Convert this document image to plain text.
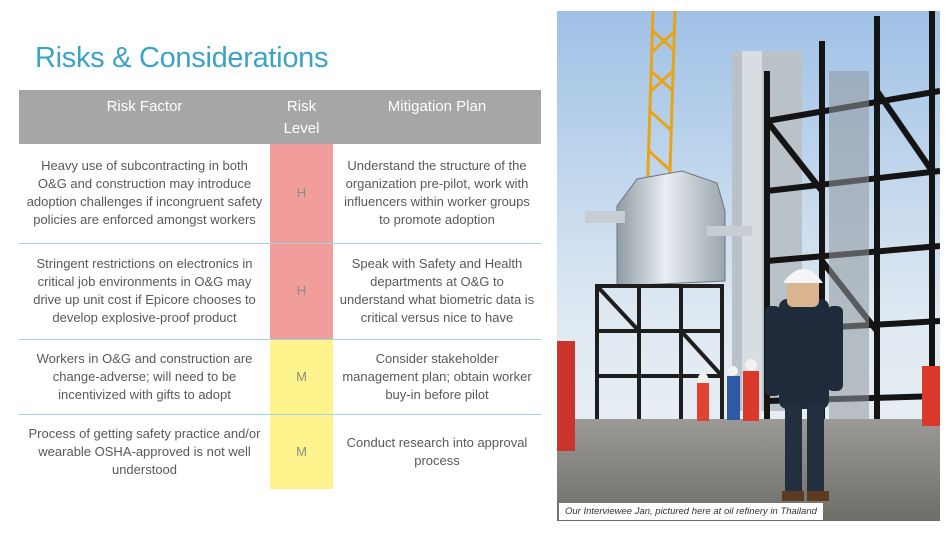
Risks & Considerations
Risk Factor	Risk Level	Mitigation Plan
Heavy use of subcontracting in both O&G and construction may introduce adoption challenges if incongruent safety policies are enforced amongst workers	H	Understand the structure of the organization pre-pilot, work with influencers within worker groups to promote adoption
Stringent restrictions on electronics in critical job environments in O&G may drive up unit cost if Epicore chooses to develop explosive-proof product	H	Speak with Safety and Health departments at O&G to understand what biometric data is critical versus nice to have
Workers in O&G and construction are change-adverse; will need to be incentivized with gifts to adopt	M	Consider stakeholder management plan; obtain worker buy-in before pilot
Process of getting safety practice and/or wearable OSHA-approved is not well understood	M	Conduct research into approval process
Our Interviewee Jan, pictured here at oil refinery in Thailand
